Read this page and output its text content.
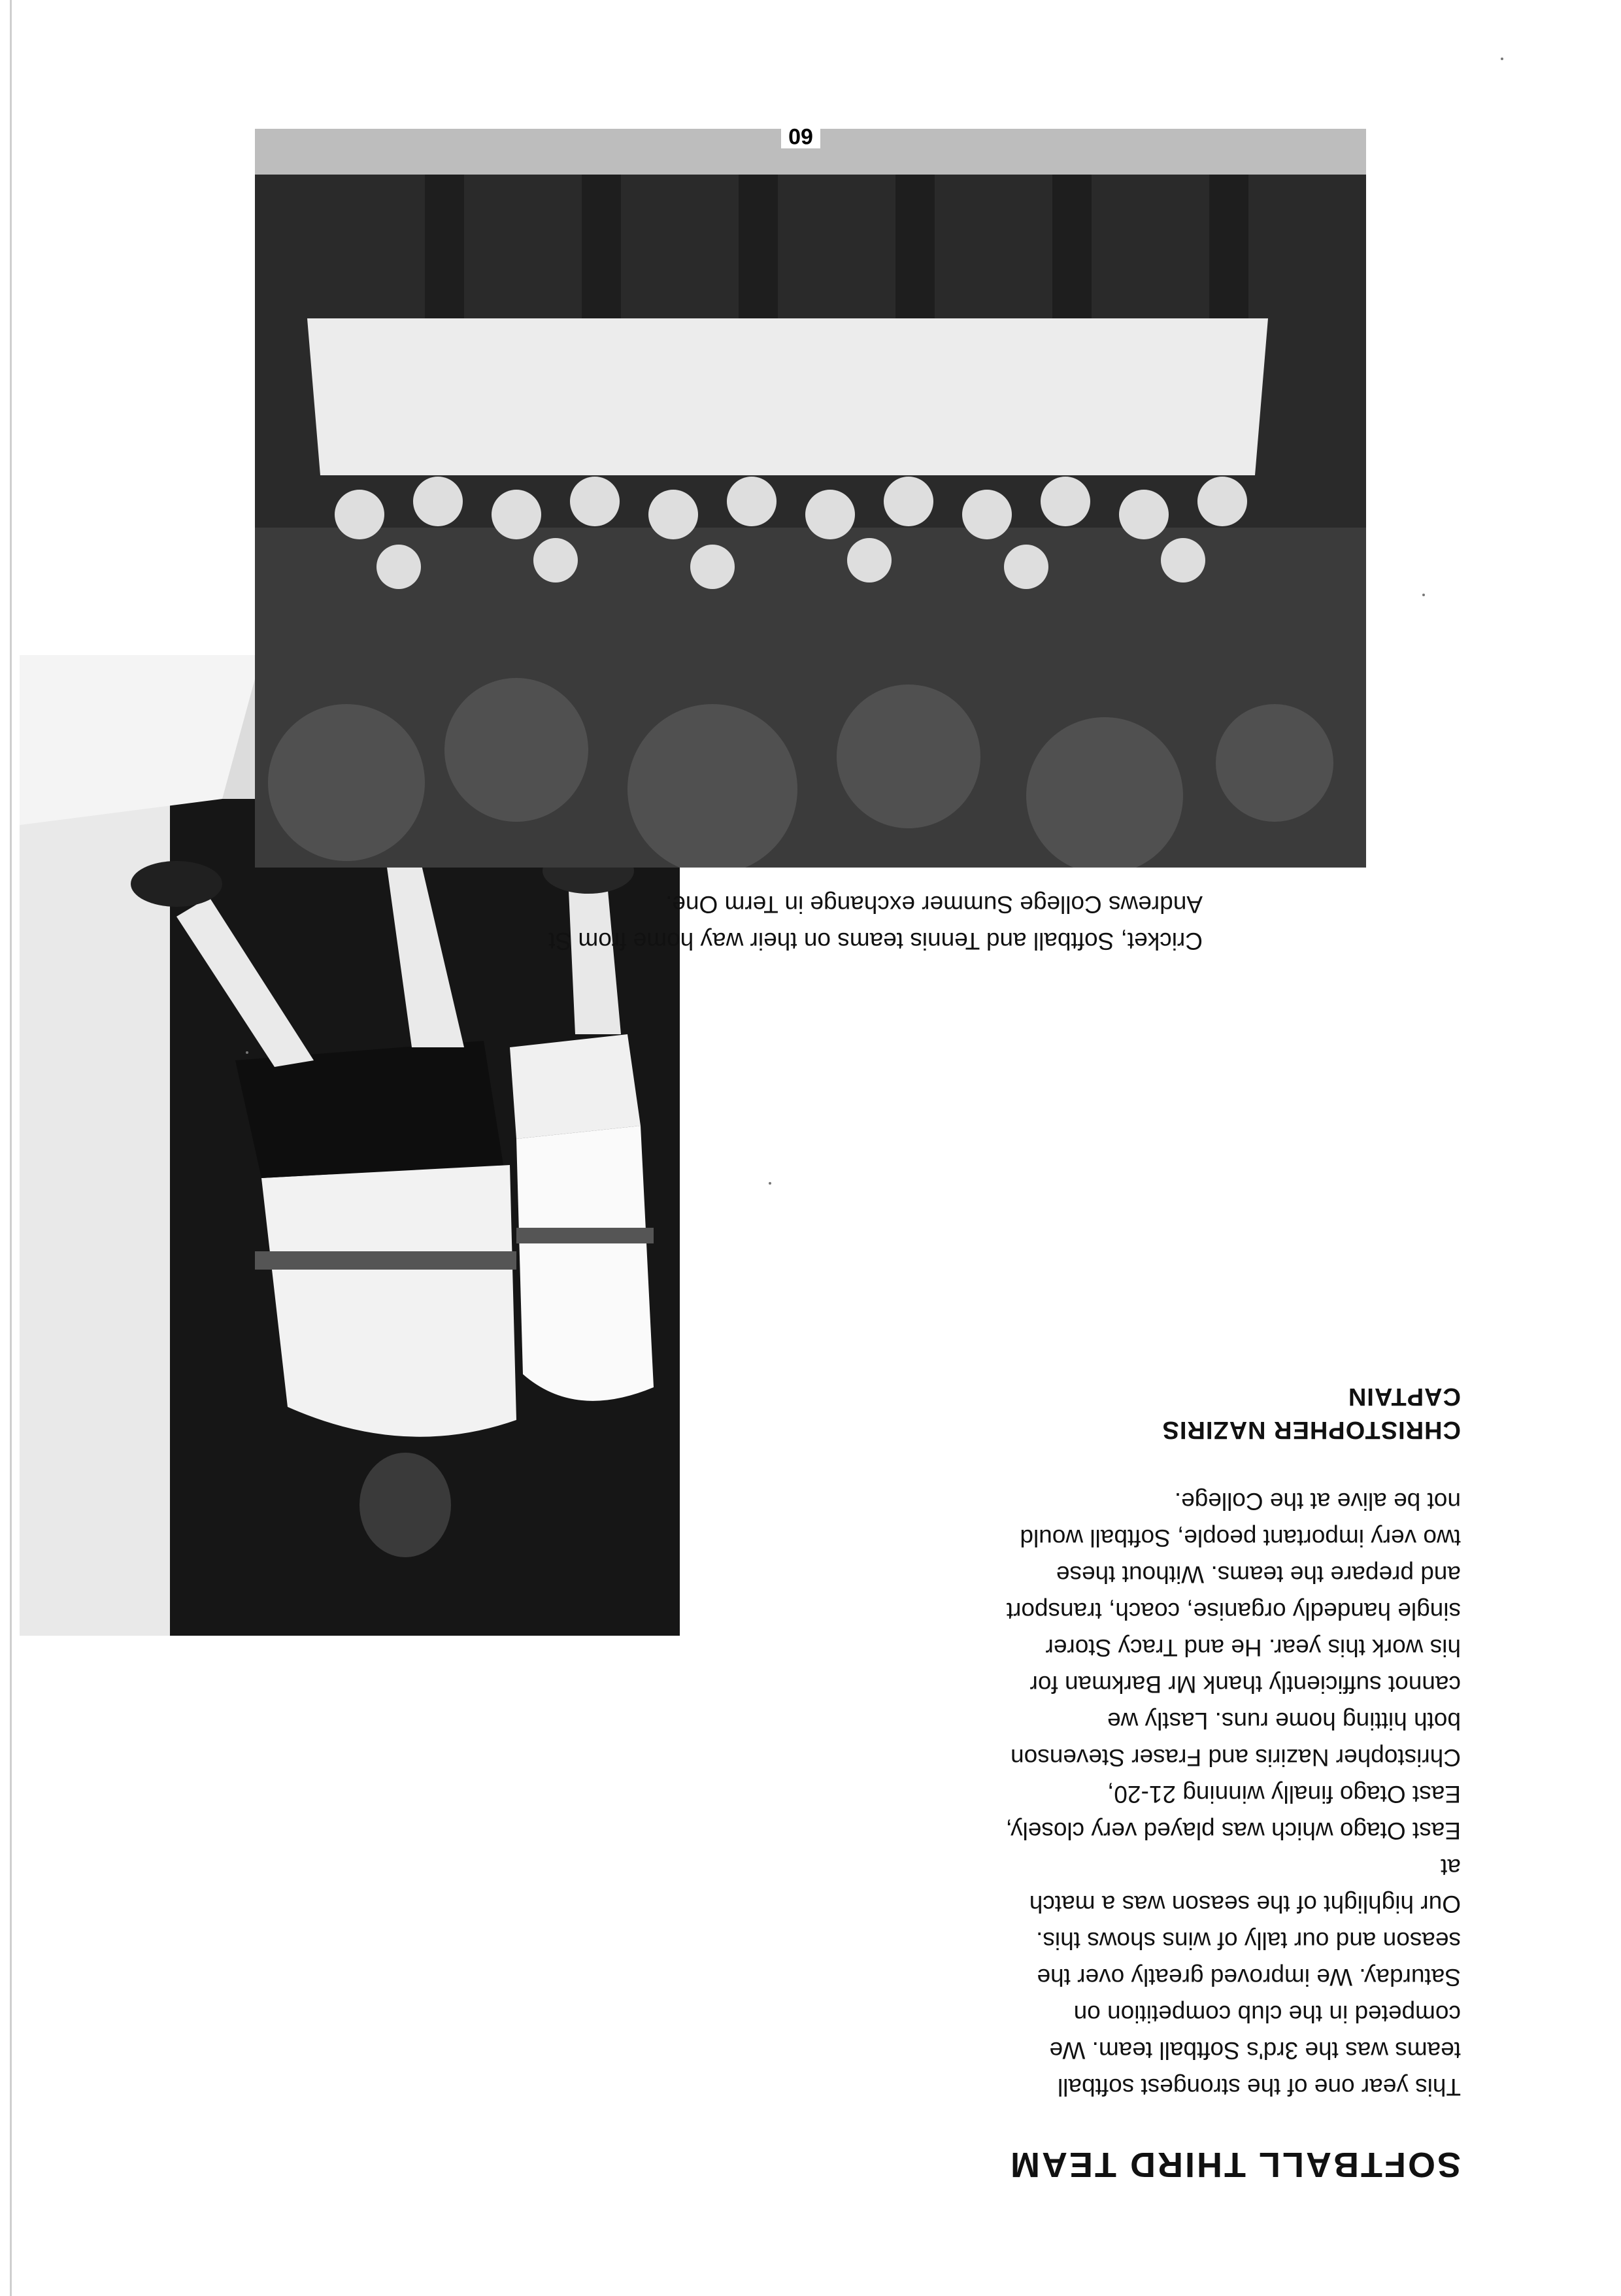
SOFTBALL THIRD TEAM

This year one of the strongest softball
teams was the 3rd's Softball team. We
competed in the club competition on
Saturday. We improved greatly over the
season and our tally of wins shows this.
Our highlight of the season was a match at
East Otago which was played very closely,
East Otago finally winning 21-20,
Christopher Naziris and Fraser Stevenson
both hitting home runs. Lastly we
cannot sufficiently thank Mr Barkman for
his work this year. He and Tracy Storer
single handedly organise, coach, transport
and prepare the teams. Without these
two very important people, Softball would
not be alive at the College.

CHRISTOPHER NAZIRIS
CAPTAIN
Cricket, Softball and Tennis teams on their way home from St
Andrews College Summer exchange in Term One.
60
